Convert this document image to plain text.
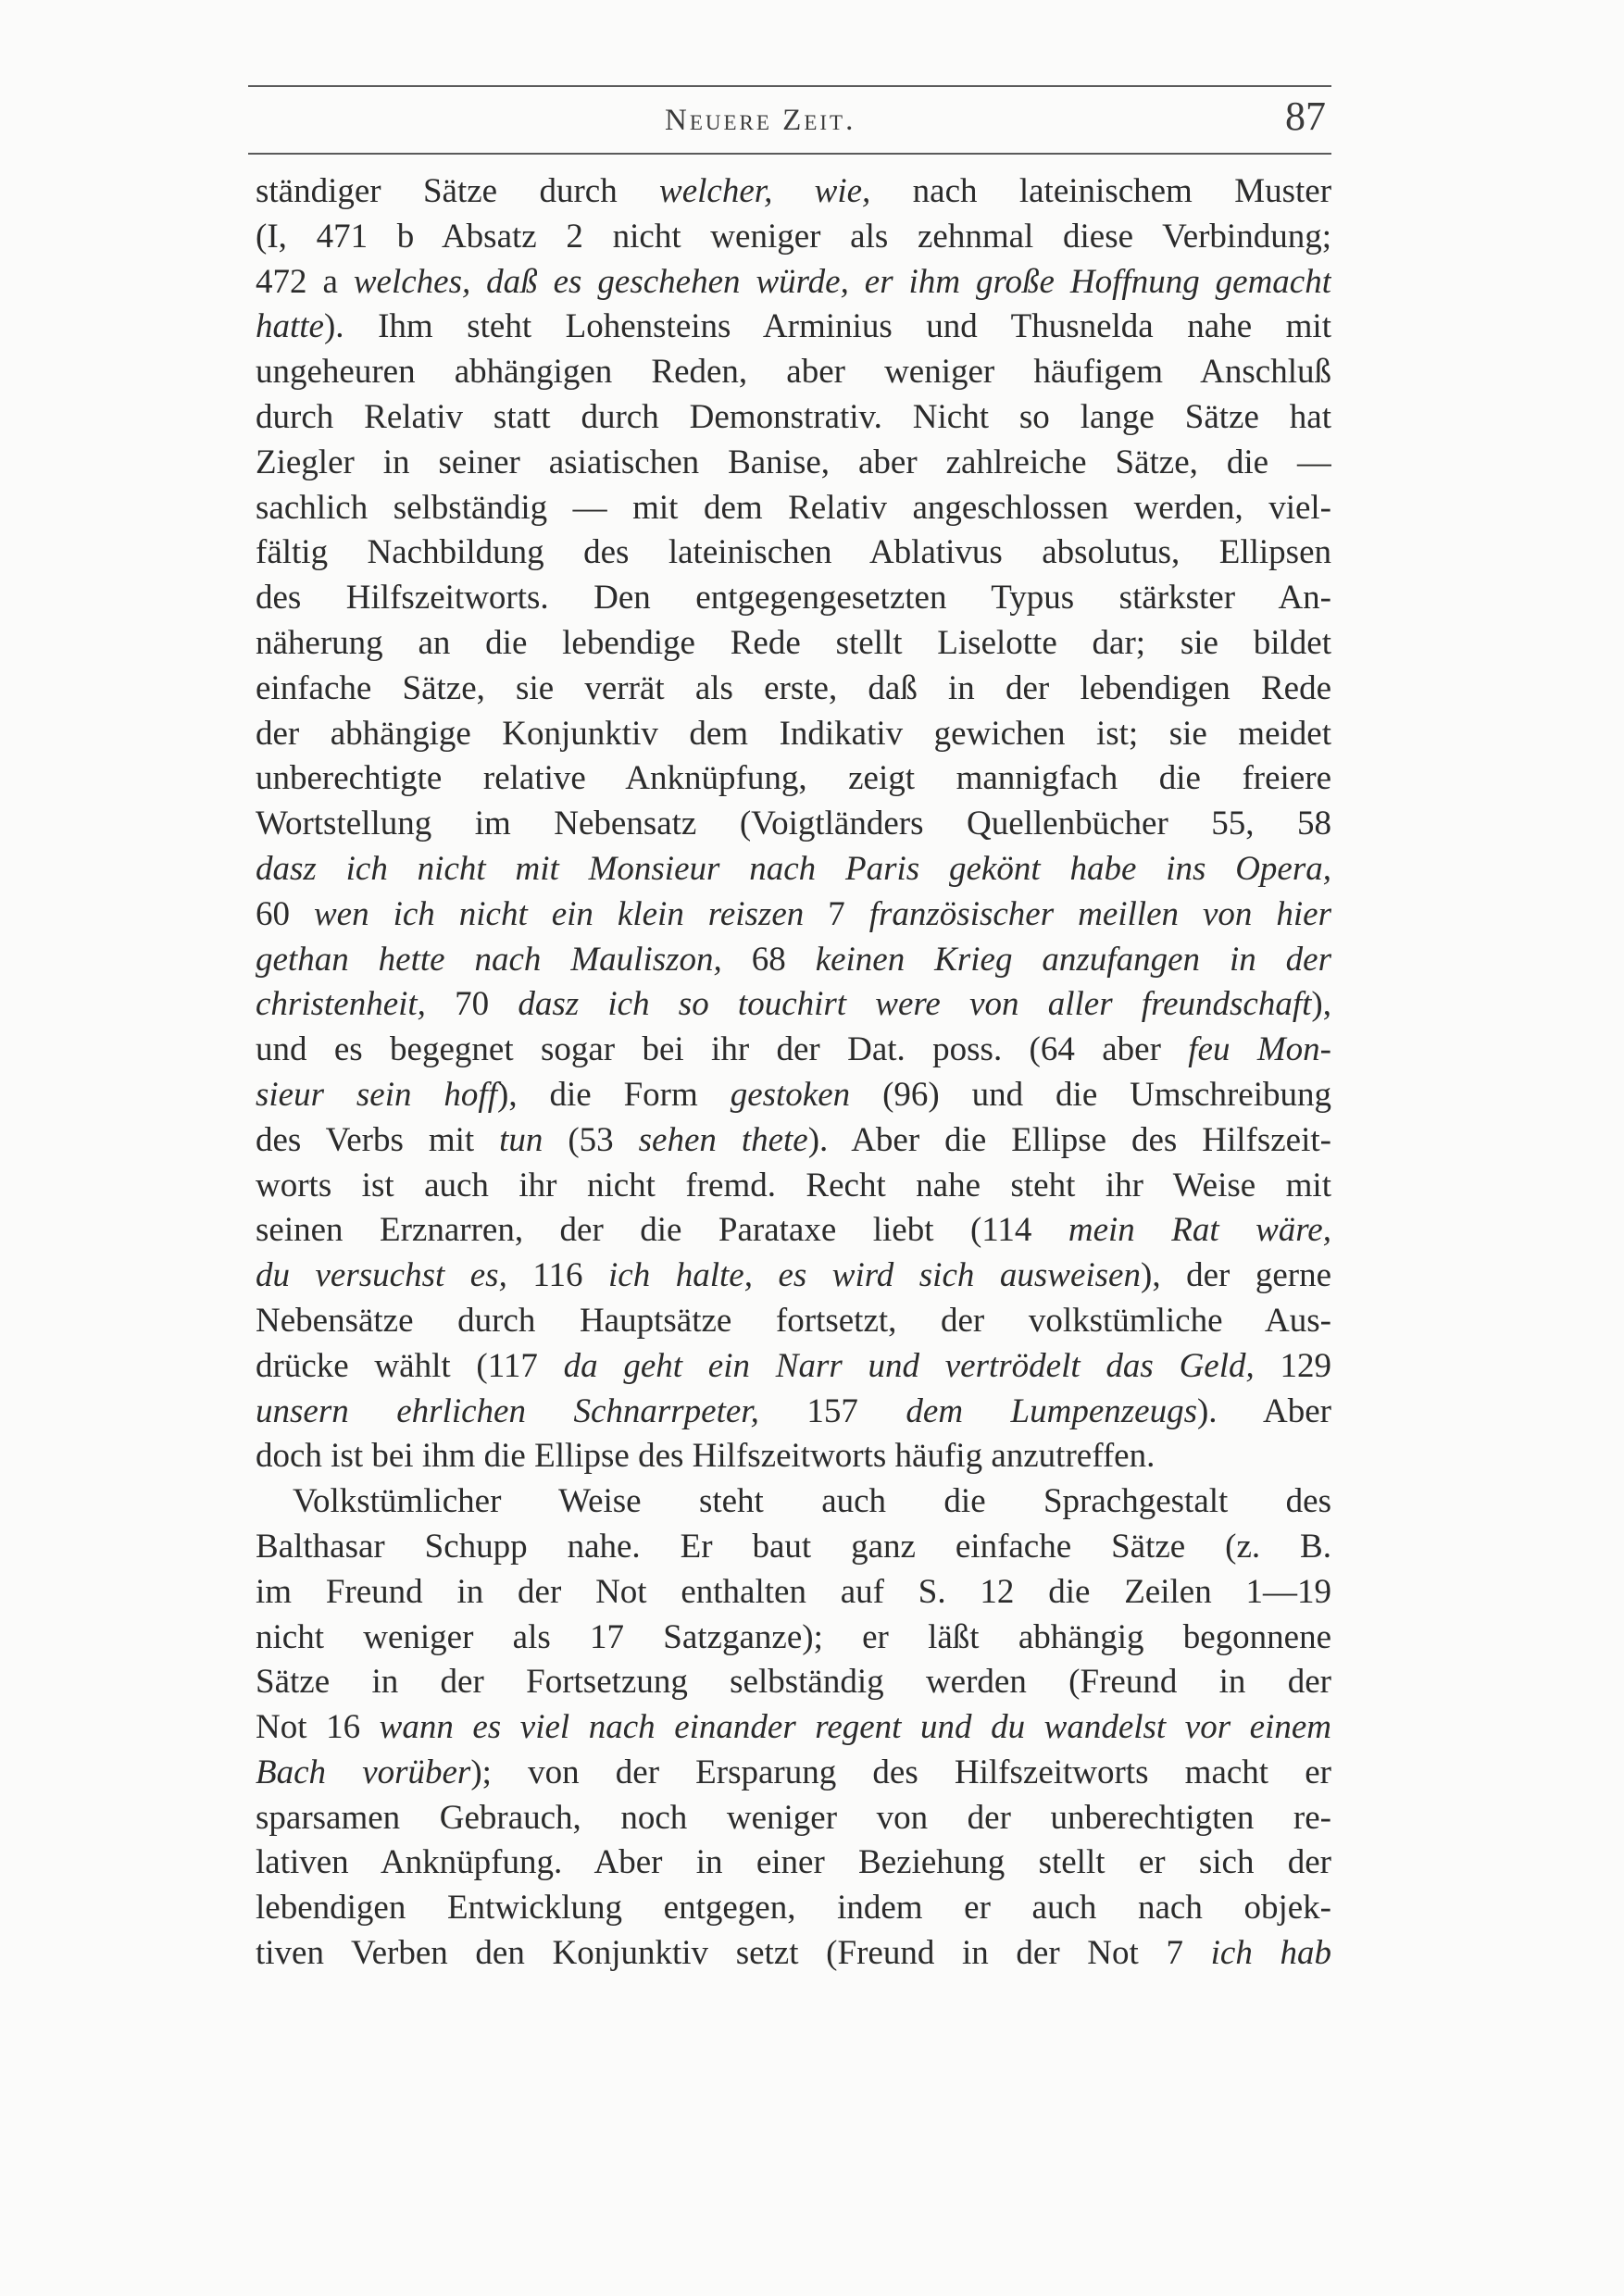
Neuere Zeit.	87
ständiger Sätze durch welcher, wie, nach lateinischem Muster
(I, 471 b Absatz 2 nicht weniger als zehnmal diese Verbindung;
472 a welches, daß es geschehen würde, er ihm große Hoffnung gemacht
hatte). Ihm steht Lohensteins Arminius und Thusnelda nahe mit
ungeheuren abhängigen Reden, aber weniger häufigem Anschluß
durch Relativ statt durch Demonstrativ. Nicht so lange Sätze hat
Ziegler in seiner asiatischen Banise, aber zahlreiche Sätze, die —
sachlich selbständig — mit dem Relativ angeschlossen werden, viel-
fältig Nachbildung des lateinischen Ablativus absolutus, Ellipsen
des Hilfszeitworts. Den entgegengesetzten Typus stärkster An-
näherung an die lebendige Rede stellt Liselotte dar; sie bildet
einfache Sätze, sie verrät als erste, daß in der lebendigen Rede
der abhängige Konjunktiv dem Indikativ gewichen ist; sie meidet
unberechtigte relative Anknüpfung, zeigt mannigfach die freiere
Wortstellung im Nebensatz (Voigtländers Quellenbücher 55, 58
dasz ich nicht mit Monsieur nach Paris gekönt habe ins Opera,
60 wen ich nicht ein klein reiszen 7 französischer meillen von hier
gethan hette nach Mauliszon, 68 keinen Krieg anzufangen in der
christenheit, 70 dasz ich so touchirt were von aller freundschaft),
und es begegnet sogar bei ihr der Dat. poss. (64 aber feu Mon-
sieur sein hoff), die Form gestoken (96) und die Umschreibung
des Verbs mit tun (53 sehen thete). Aber die Ellipse des Hilfszeit-
worts ist auch ihr nicht fremd. Recht nahe steht ihr Weise mit
seinen Erznarren, der die Parataxe liebt (114 mein Rat wäre,
du versuchst es, 116 ich halte, es wird sich ausweisen), der gerne
Nebensätze durch Hauptsätze fortsetzt, der volkstümliche Aus-
drücke wählt (117 da geht ein Narr und vertrödelt das Geld, 129
unsern ehrlichen Schnarrpeter, 157 dem Lumpenzeugs). Aber
doch ist bei ihm die Ellipse des Hilfszeitworts häufig anzutreffen.
Volkstümlicher Weise steht auch die Sprachgestalt des
Balthasar Schupp nahe. Er baut ganz einfache Sätze (z. B.
im Freund in der Not enthalten auf S. 12 die Zeilen 1—19
nicht weniger als 17 Satzganze); er läßt abhängig begonnene
Sätze in der Fortsetzung selbständig werden (Freund in der
Not 16 wann es viel nach einander regent und du wandelst vor einem
Bach vorüber); von der Ersparung des Hilfszeitworts macht er
sparsamen Gebrauch, noch weniger von der unberechtigten re-
lativen Anknüpfung. Aber in einer Beziehung stellt er sich der
lebendigen Entwicklung entgegen, indem er auch nach objek-
tiven Verben den Konjunktiv setzt (Freund in der Not 7 ich hab
